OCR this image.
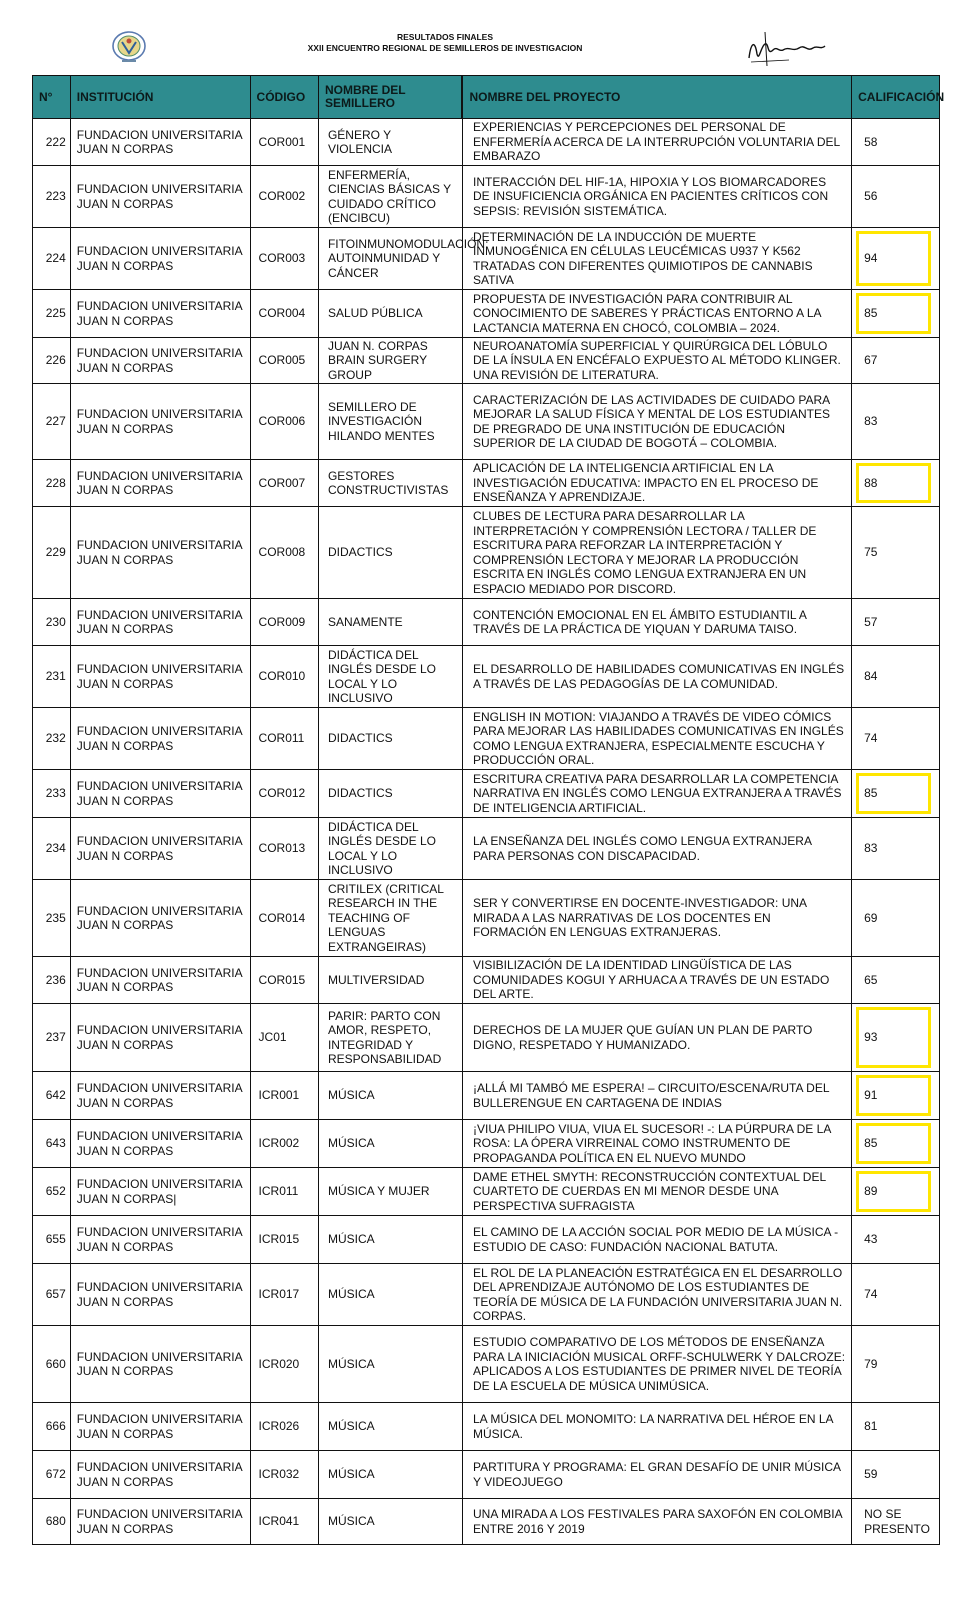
RESULTADOS FINALES
XXII ENCUENTRO REGIONAL DE SEMILLEROS DE INVESTIGACION
N°	INSTITUCIÓN	CÓDIGO	NOMBRE DEL SEMILLERO	NOMBRE DEL PROYECTO	CALIFICACIÓN
222	FUNDACION UNIVERSITARIA JUAN N CORPAS	COR001	GÉNERO Y VIOLENCIA	EXPERIENCIAS Y PERCEPCIONES DEL PERSONAL DE ENFERMERÍA ACERCA DE LA INTERRUPCIÓN VOLUNTARIA DEL EMBARAZO	58
223	FUNDACION UNIVERSITARIA JUAN N CORPAS	COR002	ENFERMERÍA, CIENCIAS BÁSICAS Y CUIDADO CRÍTICO (ENCIBCU)	INTERACCIÓN DEL HIF-1A, HIPOXIA Y LOS BIOMARCADORES DE INSUFICIENCIA ORGÁNICA EN PACIENTES CRÍTICOS CON SEPSIS: REVISIÓN SISTEMÁTICA.	56
224	FUNDACION UNIVERSITARIA JUAN N CORPAS	COR003	FITOINMUNOMODULACIÓN: AUTOINMUNIDAD Y CÁNCER	DETERMINACIÓN DE LA INDUCCIÓN DE MUERTE INMUNOGÉNICA EN CÉLULAS LEUCÉMICAS U937 Y K562 TRATADAS CON DIFERENTES QUIMIOTIPOS DE CANNABIS SATIVA	94

225	FUNDACION UNIVERSITARIA JUAN N CORPAS	COR004	SALUD PÚBLICA	PROPUESTA DE INVESTIGACIÓN PARA CONTRIBUIR AL CONOCIMIENTO DE SABERES Y PRÁCTICAS ENTORNO A LA LACTANCIA MATERNA EN CHOCÓ, COLOMBIA – 2024.	85

226	FUNDACION UNIVERSITARIA JUAN N CORPAS	COR005	JUAN N. CORPAS BRAIN SURGERY GROUP	NEUROANATOMÍA SUPERFICIAL Y QUIRÚRGICA DEL LÓBULO DE LA ÍNSULA EN ENCÉFALO EXPUESTO AL MÉTODO KLINGER. UNA REVISIÓN DE LITERATURA.	67
227	FUNDACION UNIVERSITARIA JUAN N CORPAS	COR006	SEMILLERO DE INVESTIGACIÓN HILANDO MENTES	CARACTERIZACIÓN DE LAS ACTIVIDADES DE CUIDADO PARA MEJORAR LA SALUD FÍSICA Y MENTAL DE LOS ESTUDIANTES DE PREGRADO DE UNA INSTITUCIÓN DE EDUCACIÓN SUPERIOR DE LA CIUDAD DE BOGOTÁ – COLOMBIA.	83
228	FUNDACION UNIVERSITARIA JUAN N CORPAS	COR007	GESTORES CONSTRUCTIVISTAS	APLICACIÓN DE LA INTELIGENCIA ARTIFICIAL EN LA INVESTIGACIÓN EDUCATIVA: IMPACTO EN EL PROCESO DE ENSEÑANZA Y APRENDIZAJE.	88

229	FUNDACION UNIVERSITARIA JUAN N CORPAS	COR008	DIDACTICS	CLUBES DE LECTURA PARA DESARROLLAR LA INTERPRETACIÓN Y COMPRENSIÓN LECTORA / TALLER DE ESCRITURA PARA REFORZAR LA INTERPRETACIÓN Y COMPRENSIÓN LECTORA Y MEJORAR LA PRODUCCIÓN ESCRITA EN INGLÉS COMO LENGUA EXTRANJERA EN UN ESPACIO MEDIADO POR DISCORD.	75
230	FUNDACION UNIVERSITARIA JUAN N CORPAS	COR009	SANAMENTE	CONTENCIÓN EMOCIONAL EN EL ÁMBITO ESTUDIANTIL A TRAVÉS DE LA PRÁCTICA DE YIQUAN Y DARUMA TAISO.	57
231	FUNDACION UNIVERSITARIA JUAN N CORPAS	COR010	DIDÁCTICA DEL INGLÉS DESDE LO LOCAL Y LO INCLUSIVO	EL DESARROLLO DE HABILIDADES COMUNICATIVAS EN INGLÉS A TRAVÉS DE LAS PEDAGOGÍAS DE LA COMUNIDAD.	84
232	FUNDACION UNIVERSITARIA JUAN N CORPAS	COR011	DIDACTICS	ENGLISH IN MOTION: VIAJANDO A TRAVÉS DE VIDEO CÓMICS PARA MEJORAR LAS HABILIDADES COMUNICATIVAS EN INGLÉS COMO LENGUA EXTRANJERA, ESPECIALMENTE ESCUCHA Y PRODUCCIÓN ORAL.	74
233	FUNDACION UNIVERSITARIA JUAN N CORPAS	COR012	DIDACTICS	ESCRITURA CREATIVA PARA DESARROLLAR LA COMPETENCIA NARRATIVA EN INGLÉS COMO LENGUA EXTRANJERA A TRAVÉS DE INTELIGENCIA ARTIFICIAL.	85

234	FUNDACION UNIVERSITARIA JUAN N CORPAS	COR013	DIDÁCTICA DEL INGLÉS DESDE LO LOCAL Y LO INCLUSIVO	LA ENSEÑANZA DEL INGLÉS COMO LENGUA EXTRANJERA PARA PERSONAS CON DISCAPACIDAD.	83
235	FUNDACION UNIVERSITARIA JUAN N CORPAS	COR014	CRITILEX (CRITICAL RESEARCH IN THE TEACHING OF LENGUAS EXTRANGEIRAS)	SER Y CONVERTIRSE EN DOCENTE-INVESTIGADOR: UNA MIRADA A LAS NARRATIVAS DE LOS DOCENTES EN FORMACIÓN EN LENGUAS EXTRANJERAS.	69
236	FUNDACION UNIVERSITARIA JUAN N CORPAS	COR015	MULTIVERSIDAD	VISIBILIZACIÓN DE LA IDENTIDAD LINGÜÍSTICA DE LAS COMUNIDADES KOGUI Y ARHUACA A TRAVÉS DE UN ESTADO DEL ARTE.	65
237	FUNDACION UNIVERSITARIA JUAN N CORPAS	JC01	PARIR: PARTO CON AMOR, RESPETO, INTEGRIDAD Y RESPONSABILIDAD	DERECHOS DE LA MUJER QUE GUÍAN UN PLAN DE PARTO DIGNO, RESPETADO Y HUMANIZADO.	93

642	FUNDACION UNIVERSITARIA JUAN N CORPAS	ICR001	MÚSICA	¡ALLÁ MI TAMBÓ ME ESPERA! – CIRCUITO/ESCENA/RUTA DEL BULLERENGUE EN CARTAGENA DE INDIAS	91

643	FUNDACION UNIVERSITARIA JUAN N CORPAS	ICR002	MÚSICA	¡VIUA PHILIPO VIUA, VIUA EL SUCESOR! -: LA PÚRPURA DE LA ROSA: LA ÓPERA VIRREINAL COMO INSTRUMENTO DE PROPAGANDA POLÍTICA EN EL NUEVO MUNDO	85

652	FUNDACION UNIVERSITARIA JUAN N CORPAS|	ICR011	MÚSICA Y MUJER	DAME ETHEL SMYTH: RECONSTRUCCIÓN CONTEXTUAL DEL CUARTETO DE CUERDAS EN MI MENOR DESDE UNA PERSPECTIVA SUFRAGISTA	89

655	FUNDACION UNIVERSITARIA JUAN N CORPAS	ICR015	MÚSICA	EL CAMINO DE LA ACCIÓN SOCIAL POR MEDIO DE LA MÚSICA - ESTUDIO DE CASO: FUNDACIÓN NACIONAL BATUTA.	43
657	FUNDACION UNIVERSITARIA JUAN N CORPAS	ICR017	MÚSICA	EL ROL DE LA PLANEACIÓN ESTRATÉGICA EN EL DESARROLLO DEL APRENDIZAJE AUTÓNOMO DE LOS ESTUDIANTES DE TEORÍA DE MÚSICA DE LA FUNDACIÓN UNIVERSITARIA JUAN N. CORPAS.	74
660	FUNDACION UNIVERSITARIA JUAN N CORPAS	ICR020	MÚSICA	ESTUDIO COMPARATIVO DE LOS MÉTODOS DE ENSEÑANZA PARA LA INICIACIÓN MUSICAL ORFF-SCHULWERK Y DALCROZE: APLICADOS A LOS ESTUDIANTES DE PRIMER NIVEL DE TEORÍA DE LA ESCUELA DE MÚSICA UNIMÚSICA.	79
666	FUNDACION UNIVERSITARIA JUAN N CORPAS	ICR026	MÚSICA	LA MÚSICA DEL MONOMITO: LA NARRATIVA DEL HÉROE EN LA MÚSICA.	81
672	FUNDACION UNIVERSITARIA JUAN N CORPAS	ICR032	MÚSICA	PARTITURA Y PROGRAMA: EL GRAN DESAFÍO DE UNIR MÚSICA Y VIDEOJUEGO	59
680	FUNDACION UNIVERSITARIA JUAN N CORPAS	ICR041	MÚSICA	UNA MIRADA A LOS FESTIVALES PARA SAXOFÓN EN COLOMBIA ENTRE 2016 Y 2019	NO SE PRESENTO
